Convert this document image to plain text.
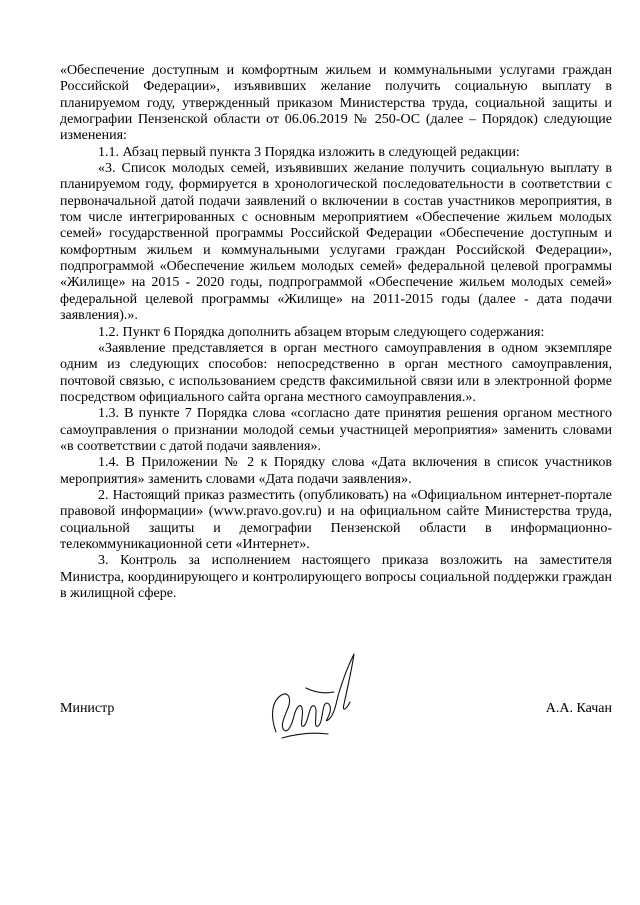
«Обеспечение доступным и комфортным жильем и коммунальными услугами граждан Российской Федерации», изъявивших желание получить социальную выплату в планируемом году, утвержденный приказом Министерства труда, социальной защиты и демографии Пензенской области от 06.06.2019 № 250-ОС (далее – Порядок) следующие изменения:

1.1. Абзац первый пункта 3 Порядка изложить в следующей редакции:

«3. Список молодых семей, изъявивших желание получить социальную выплату в планируемом году, формируется в хронологической последовательности в соответствии с первоначальной датой подачи заявлений о включении в состав участников мероприятия, в том числе интегрированных с основным мероприятием «Обеспечение жильем молодых семей» государственной программы Российской Федерации «Обеспечение доступным и комфортным жильем и коммунальными услугами граждан Российской Федерации», подпрограммой «Обеспечение жильем молодых семей» федеральной целевой программы «Жилище» на 2015 - 2020 годы, подпрограммой «Обеспечение жильем молодых семей» федеральной целевой программы «Жилище» на 2011-2015 годы (далее - дата подачи заявления).».

1.2. Пункт 6 Порядка дополнить абзацем вторым следующего содержания:

«Заявление представляется в орган местного самоуправления в одном экземпляре одним из следующих способов: непосредственно в орган местного самоуправления, почтовой связью, с использованием средств факсимильной связи или в электронной форме посредством официального сайта органа местного самоуправления.».

1.3. В пункте 7 Порядка слова «согласно дате принятия решения органом местного самоуправления о признании молодой семьи участницей мероприятия» заменить словами «в соответствии с датой подачи заявления».

1.4. В Приложении № 2 к Порядку слова «Дата включения в список участников мероприятия» заменить словами «Дата подачи заявления».

2. Настоящий приказ разместить (опубликовать) на «Официальном интернет-портале правовой информации» (www.pravo.gov.ru) и на официальном сайте Министерства труда, социальной защиты и демографии Пензенской области в информационно-телекоммуникационной сети «Интернет».

3. Контроль за исполнением настоящего приказа возложить на заместителя Министра, координирующего и контролирующего вопросы социальной поддержки граждан в жилищной сфере.

Министр	А.А. Качан
